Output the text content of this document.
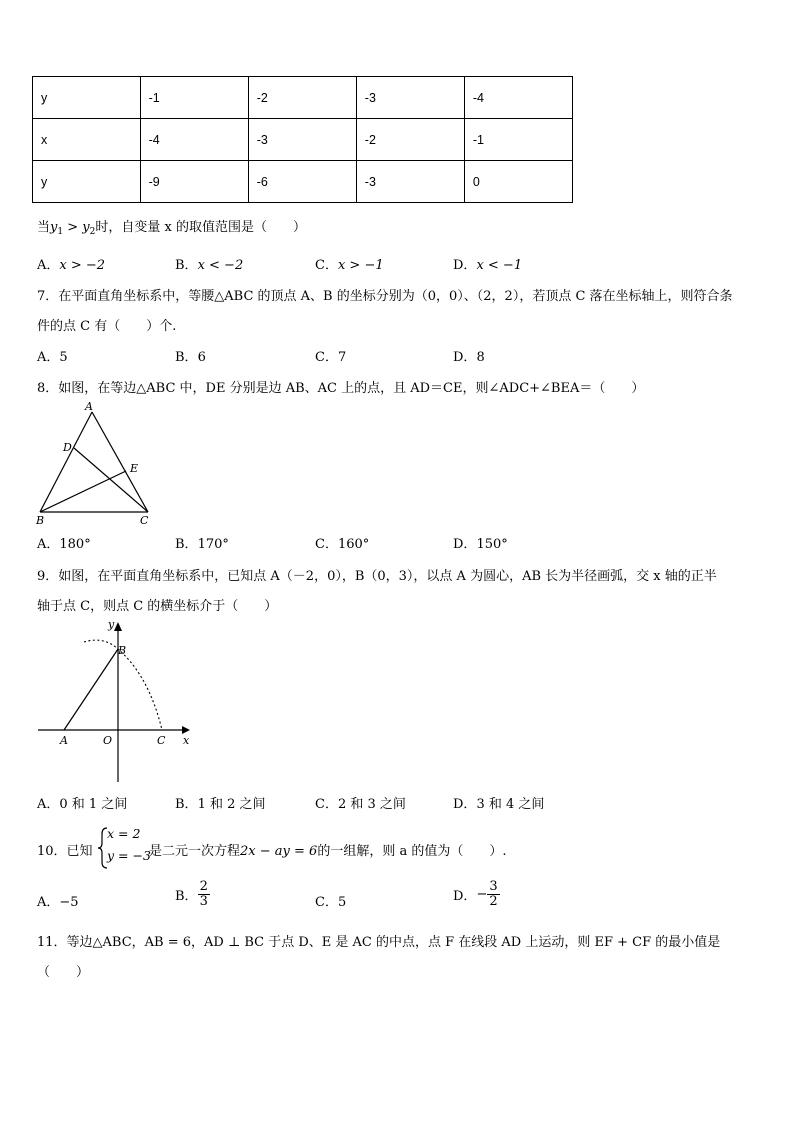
y	-1	-2	-3	-4
x	-4	-3	-2	-1
y	-9	-6	-3	0
当$y_1 > y_2$时，自变量 x 的取值范围是（　　）
A．x > −2	B．x < −2	C．x > −1	D．x < −1
7．在平面直角坐标系中，等腰△ABC 的顶点 A、B 的坐标分别为（0，0）、（2，2），若顶点 C 落在坐标轴上，则符合条
件的点 C 有（　　）个.
A．5	B．6	C．7	D．8
8．如图，在等边△ABC 中，DE 分别是边 AB、AC 上的点，且 AD＝CE，则∠ADC+∠BEA＝（　　）
A
D
E
B	C
A．180°	B．170°	C．160°	D．150°
9．如图，在平面直角坐标系中，已知点 A（－2，0），B（0，3），以点 A 为圆心，AB 长为半径画弧，交 x 轴的正半
轴于点 C，则点 C 的横坐标介于（　　）
y
B
A	O	C x
A．0 和 1 之间	B．1 和 2 之间	C．2 和 3 之间	D．3 和 4 之间
10．已知
x = 2
y = −3
是二元一次方程2x − ay = 6的一组解，则 a 的值为（　　）.
A．−5	B． $\frac{2}{3}$	C．5	D．− $\frac{3}{2}$
11．等边△ABC，AB = 6，AD ⊥ BC 于点 D、E 是 AC 的中点，点 F 在线段 AD 上运动，则 EF + CF 的最小值是
（　　）
